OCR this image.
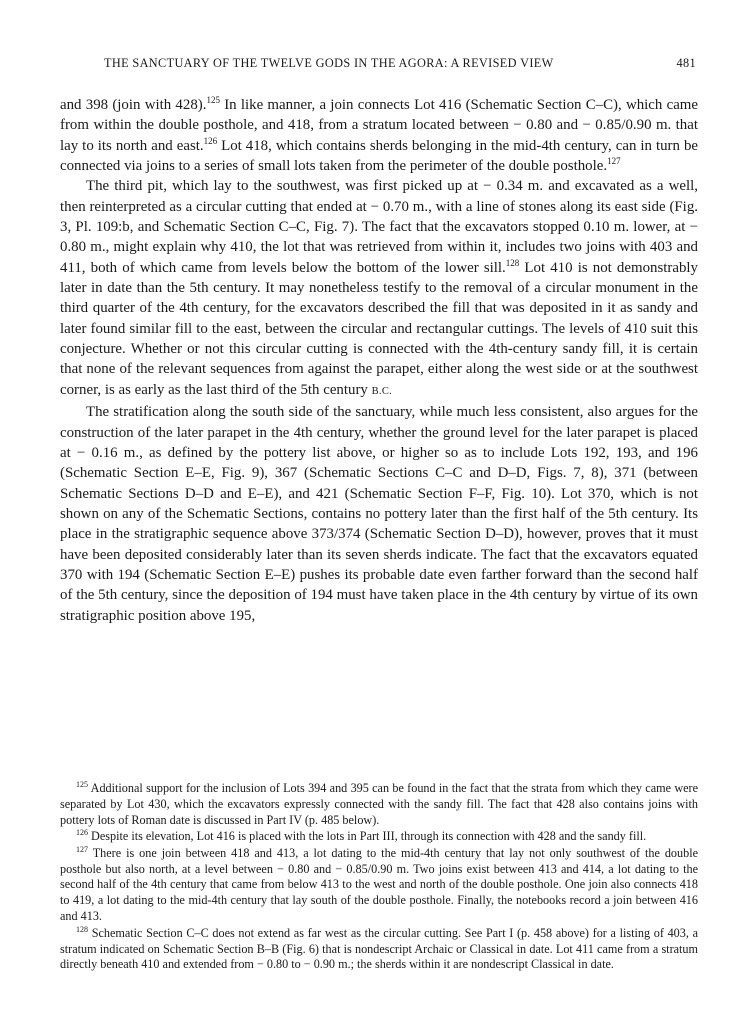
THE SANCTUARY OF THE TWELVE GODS IN THE AGORA: A REVISED VIEW	481

and 398 (join with 428).$^{125}$ In like manner, a join connects Lot 416 (Schematic Section C–C), which came from within the double posthole, and 418, from a stratum located between − 0.80 and − 0.85/0.90 m. that lay to its north and east.$^{126}$ Lot 418, which contains sherds belonging in the mid-4th century, can in turn be connected via joins to a series of small lots taken from the perimeter of the double posthole.$^{127}$

The third pit, which lay to the southwest, was first picked up at − 0.34 m. and excavated as a well, then reinterpreted as a circular cutting that ended at − 0.70 m., with a line of stones along its east side (Fig. 3, Pl. 109:b, and Schematic Section C–C, Fig. 7). The fact that the excavators stopped 0.10 m. lower, at − 0.80 m., might explain why 410, the lot that was retrieved from within it, includes two joins with 403 and 411, both of which came from levels below the bottom of the lower sill.$^{128}$ Lot 410 is not demonstrably later in date than the 5th century. It may nonetheless testify to the removal of a circular monument in the third quarter of the 4th century, for the excavators described the fill that was deposited in it as sandy and later found similar fill to the east, between the circular and rectangular cuttings. The levels of 410 suit this conjecture. Whether or not this circular cutting is connected with the 4th-century sandy fill, it is certain that none of the relevant sequences from against the parapet, either along the west side or at the southwest corner, is as early as the last third of the 5th century B.C.

The stratification along the south side of the sanctuary, while much less consistent, also argues for the construction of the later parapet in the 4th century, whether the ground level for the later parapet is placed at − 0.16 m., as defined by the pottery list above, or higher so as to include Lots 192, 193, and 196 (Schematic Section E–E, Fig. 9), 367 (Schematic Sections C–C and D–D, Figs. 7, 8), 371 (between Schematic Sections D–D and E–E), and 421 (Schematic Section F–F, Fig. 10). Lot 370, which is not shown on any of the Schematic Sections, contains no pottery later than the first half of the 5th century. Its place in the stratigraphic sequence above 373/374 (Schematic Section D–D), however, proves that it must have been deposited considerably later than its seven sherds indicate. The fact that the excavators equated 370 with 194 (Schematic Section E–E) pushes its probable date even farther forward than the second half of the 5th century, since the deposition of 194 must have taken place in the 4th century by virtue of its own stratigraphic position above 195,

$^{125}$ Additional support for the inclusion of Lots 394 and 395 can be found in the fact that the strata from which they came were separated by Lot 430, which the excavators expressly connected with the sandy fill. The fact that 428 also contains joins with pottery lots of Roman date is discussed in Part IV (p. 485 below).

$^{126}$ Despite its elevation, Lot 416 is placed with the lots in Part III, through its connection with 428 and the sandy fill.

$^{127}$ There is one join between 418 and 413, a lot dating to the mid-4th century that lay not only southwest of the double posthole but also north, at a level between − 0.80 and − 0.85/0.90 m. Two joins exist between 413 and 414, a lot dating to the second half of the 4th century that came from below 413 to the west and north of the double posthole. One join also connects 418 to 419, a lot dating to the mid-4th century that lay south of the double posthole. Finally, the notebooks record a join between 416 and 413.

$^{128}$ Schematic Section C–C does not extend as far west as the circular cutting. See Part I (p. 458 above) for a listing of 403, a stratum indicated on Schematic Section B–B (Fig. 6) that is nondescript Archaic or Classical in date. Lot 411 came from a stratum directly beneath 410 and extended from − 0.80 to − 0.90 m.; the sherds within it are nondescript Classical in date.
